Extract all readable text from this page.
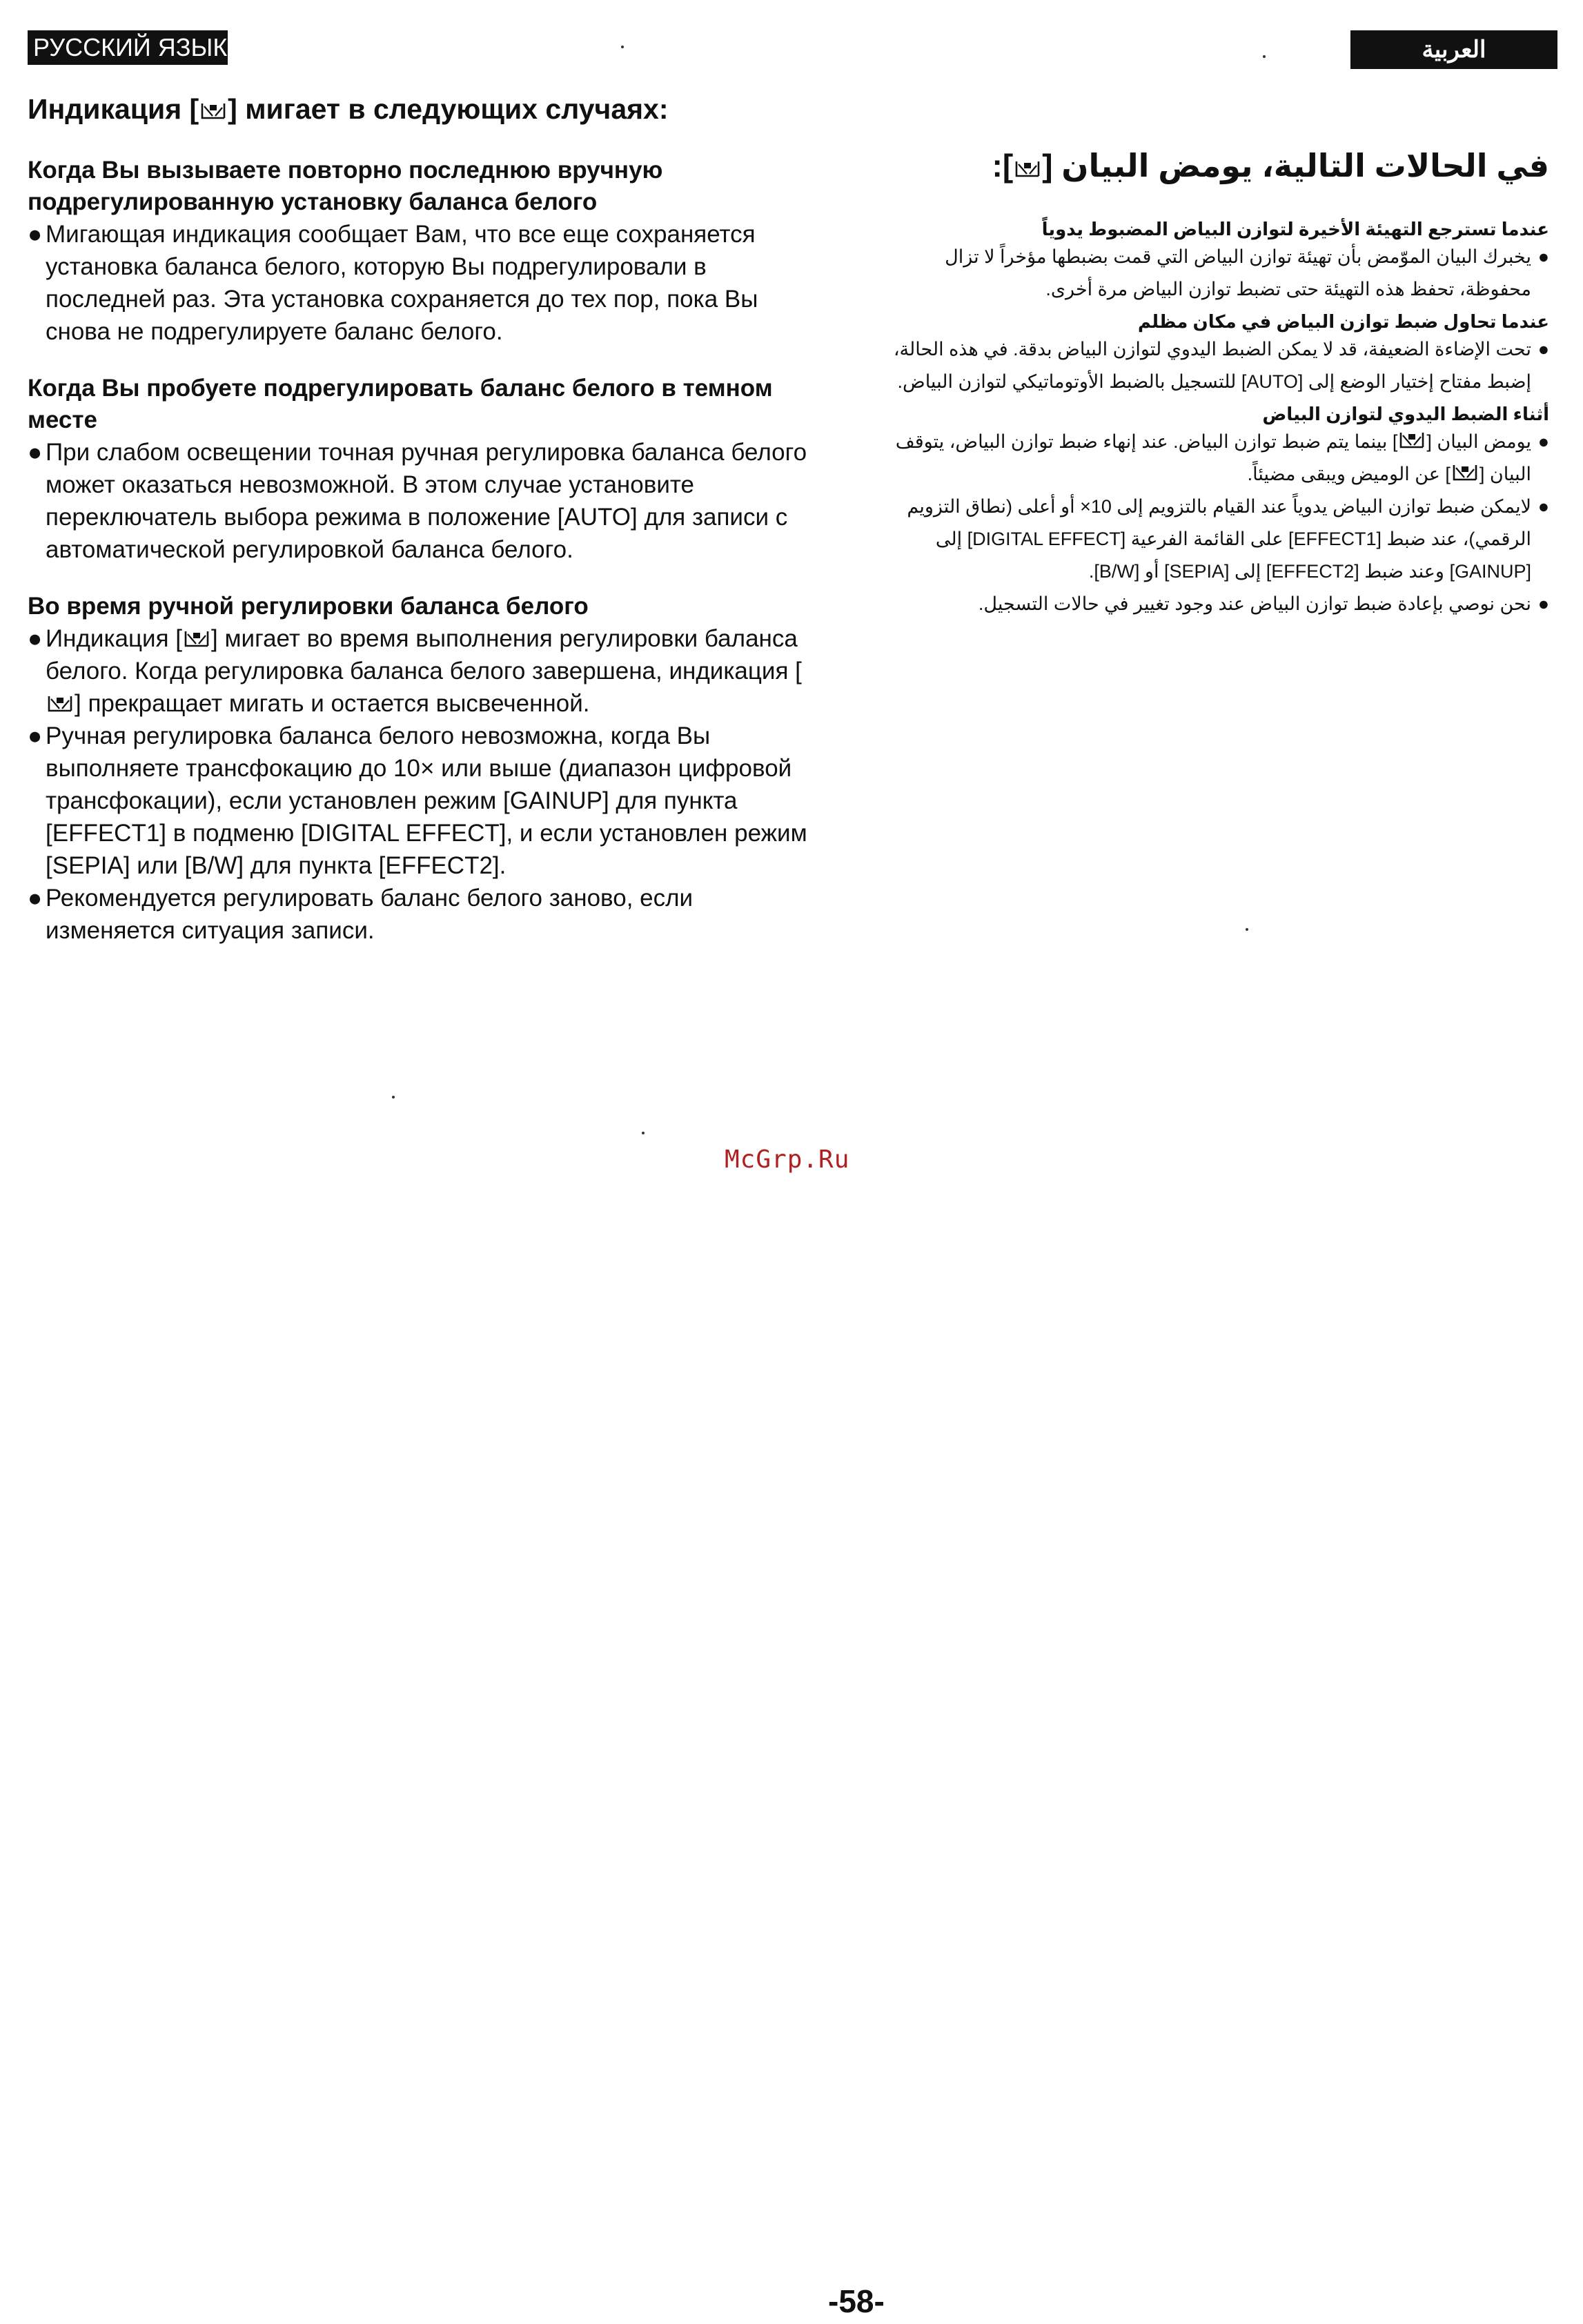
РУССКИЙ ЯЗЫК	العربية
Индикация [ ] мигает в следующих случаях:

Когда Вы вызываете повторно последнюю вручную подрегулированную установку баланса белого

● Мигающая индикация сообщает Вам, что все еще сохраняется установка баланса белого, которую Вы подрегулировали в последней раз. Эта установка сохраняется до тех пор, пока Вы снова не подрегулируете баланс белого.

Когда Вы пробуете подрегулировать баланс белого в темном месте

● При слабом освещении точная ручная регулировка баланса белого может оказаться невозможной. В этом случае установите переключатель выбора режима в положение [AUTO] для записи с автоматической регулировкой баланса белого.

Во время ручной регулировки баланса белого

● Индикация [ ] мигает во время выполнения регулировки баланса белого. Когда регулировка баланса белого завершена, индикация [
] прекращает мигать и остается высвеченной.

● Ручная регулировка баланса белого невозможна, когда Вы выполняете трансфокацию до 10× или выше (диапазон цифровой трансфокации), если установлен режим [GAINUP] для пункта [EFFECT1] в подменю [DIGITAL EFFECT], и если установлен режим [SEPIA] или [B/W] для пункта [EFFECT2].

● Рекомендуется регулировать баланс белого заново, если изменяется ситуация записи.

في الحالات التالية، يومض البيان [
]:

عندما تسترجع التهيئة الأخيرة لتوازن البياض المضبوط يدوياً

●يخبرك البيان الموّمض بأن تهيئة توازن البياض التي قمت بضبطها مؤخراً لا تزال محفوظة، تحفظ هذه التهيئة حتى تضبط توازن البياض مرة أخرى.

عندما تحاول ضبط توازن البياض في مكان مظلم

●تحت الإضاءة الضعيفة، قد لا يمكن الضبط اليدوي لتوازن البياض بدقة. في هذه الحالة، إضبط مفتاح إختيار الوضع إلى [AUTO] للتسجيل بالضبط الأوتوماتيكي لتوازن البياض.

أثناء الضبط اليدوي لتوازن البياض

●يومض البيان [
] بينما يتم ضبط توازن البياض. عند إنهاء ضبط توازن البياض، يتوقف البيان [
] عن الوميض ويبقى مضيئاً.

●لايمكن ضبط توازن البياض يدوياً عند القيام بالتزويم إلى 10× أو أعلى (نطاق التزويم الرقمي)، عند ضبط [EFFECT1] على القائمة الفرعية [DIGITAL EFFECT] إلى [GAINUP] وعند ضبط [EFFECT2] إلى [SEPIA] أو [B/W].

●نحن نوصي بإعادة ضبط توازن البياض عند وجود تغيير في حالات التسجيل.

McGrp.Ru
-58-
